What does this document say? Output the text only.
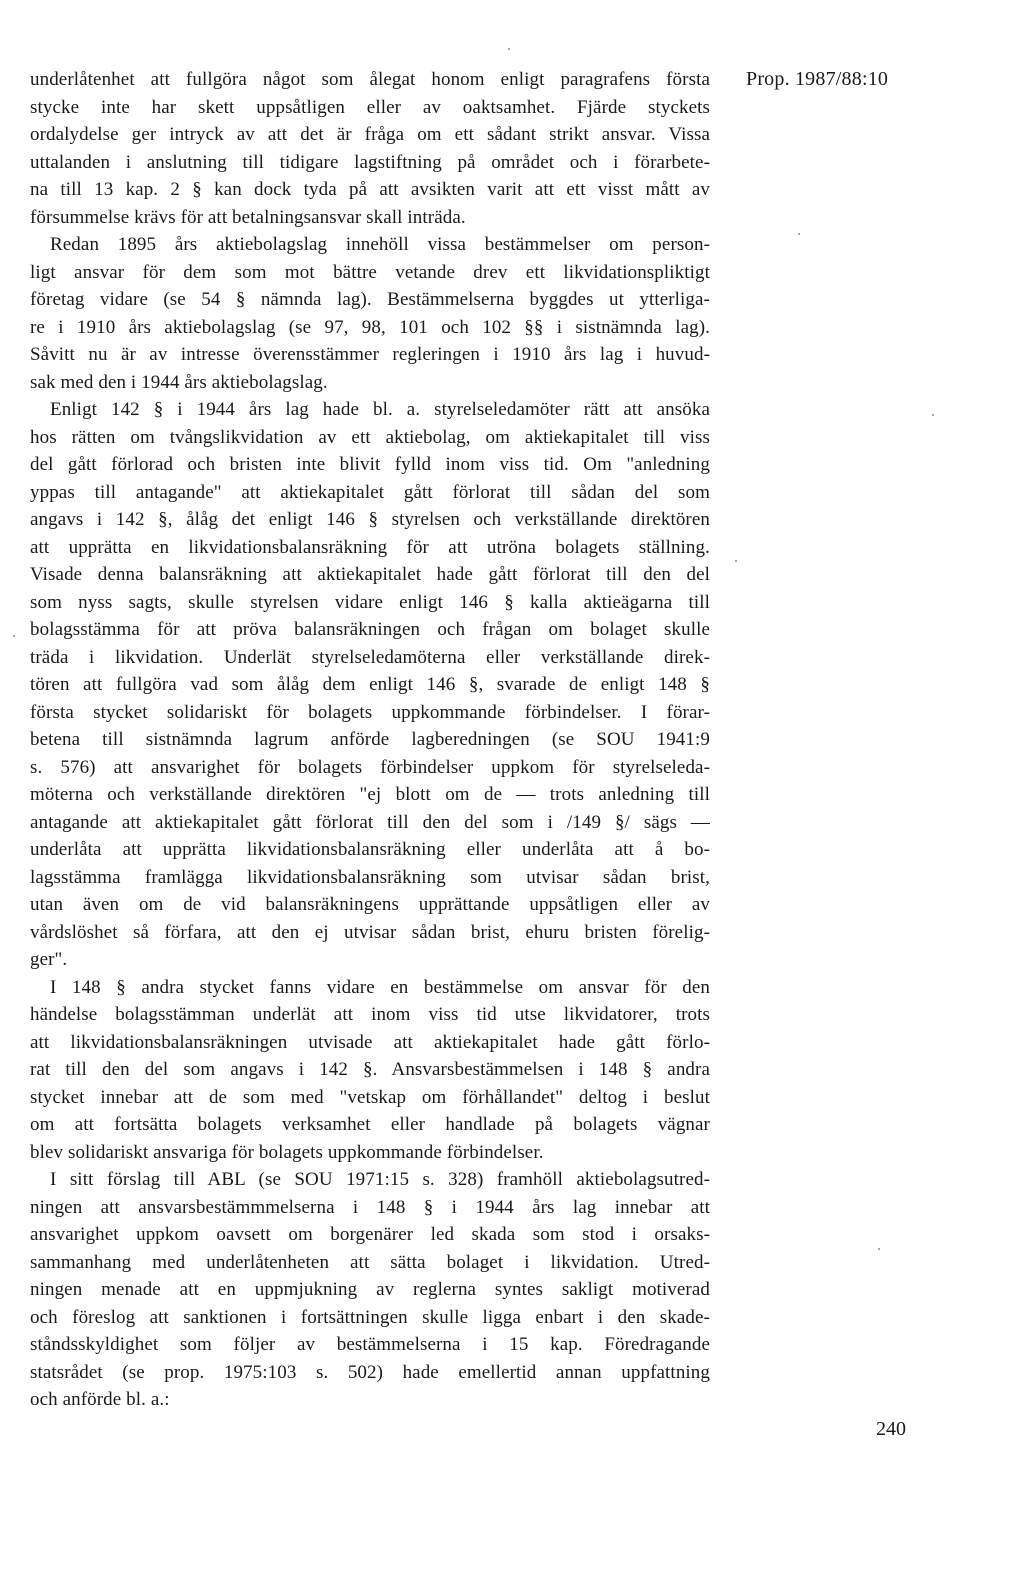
Prop. 1987/88:10
underlåtenhet att fullgöra något som ålegat honom enligt paragrafens första
stycke inte har skett uppsåtligen eller av oaktsamhet. Fjärde styckets
ordalydelse ger intryck av att det är fråga om ett sådant strikt ansvar. Vissa
uttalanden i anslutning till tidigare lagstiftning på området och i förarbete-
na till 13 kap. 2 § kan dock tyda på att avsikten varit att ett visst mått av
försummelse krävs för att betalningsansvar skall inträda.
Redan 1895 års aktiebolagslag innehöll vissa bestämmelser om person-
ligt ansvar för dem som mot bättre vetande drev ett likvidationspliktigt
företag vidare (se 54 § nämnda lag). Bestämmelserna byggdes ut ytterliga-
re i 1910 års aktiebolagslag (se 97, 98, 101 och 102 §§ i sistnämnda lag).
Såvitt nu är av intresse överensstämmer regleringen i 1910 års lag i huvud-
sak med den i 1944 års aktiebolagslag.
Enligt 142 § i 1944 års lag hade bl. a. styrelseledamöter rätt att ansöka
hos rätten om tvångslikvidation av ett aktiebolag, om aktiekapitalet till viss
del gått förlorad och bristen inte blivit fylld inom viss tid. Om "anledning
yppas till antagande" att aktiekapitalet gått förlorat till sådan del som
angavs i 142 §, ålåg det enligt 146 § styrelsen och verkställande direktören
att upprätta en likvidationsbalansräkning för att utröna bolagets ställning.
Visade denna balansräkning att aktiekapitalet hade gått förlorat till den del
som nyss sagts, skulle styrelsen vidare enligt 146 § kalla aktieägarna till
bolagsstämma för att pröva balansräkningen och frågan om bolaget skulle
träda i likvidation. Underlät styrelseledamöterna eller verkställande direk-
tören att fullgöra vad som ålåg dem enligt 146 §, svarade de enligt 148 §
första stycket solidariskt för bolagets uppkommande förbindelser. I förar-
betena till sistnämnda lagrum anförde lagberedningen (se SOU 1941:9
s. 576) att ansvarighet för bolagets förbindelser uppkom för styrelseleda-
möterna och verkställande direktören "ej blott om de — trots anledning till
antagande att aktiekapitalet gått förlorat till den del som i /149 §/ sägs —
underlåta att upprätta likvidationsbalansräkning eller underlåta att å bo-
lagsstämma framlägga likvidationsbalansräkning som utvisar sådan brist,
utan även om de vid balansräkningens upprättande uppsåtligen eller av
vårdslöshet så förfara, att den ej utvisar sådan brist, ehuru bristen förelig-
ger".
I 148 § andra stycket fanns vidare en bestämmelse om ansvar för den
händelse bolagsstämman underlät att inom viss tid utse likvidatorer, trots
att likvidationsbalansräkningen utvisade att aktiekapitalet hade gått förlo-
rat till den del som angavs i 142 §. Ansvarsbestämmelsen i 148 § andra
stycket innebar att de som med "vetskap om förhållandet" deltog i beslut
om att fortsätta bolagets verksamhet eller handlade på bolagets vägnar
blev solidariskt ansvariga för bolagets uppkommande förbindelser.
I sitt förslag till ABL (se SOU 1971:15 s. 328) framhöll aktiebolagsutred-
ningen att ansvarsbestämmmelserna i 148 § i 1944 års lag innebar att
ansvarighet uppkom oavsett om borgenärer led skada som stod i orsaks-
sammanhang med underlåtenheten att sätta bolaget i likvidation. Utred-
ningen menade att en uppmjukning av reglerna syntes sakligt motiverad
och föreslog att sanktionen i fortsättningen skulle ligga enbart i den skade-
ståndsskyldighet som följer av bestämmelserna i 15 kap. Föredragande
statsrådet (se prop. 1975:103 s. 502) hade emellertid annan uppfattning
och anförde bl. a.:
240
